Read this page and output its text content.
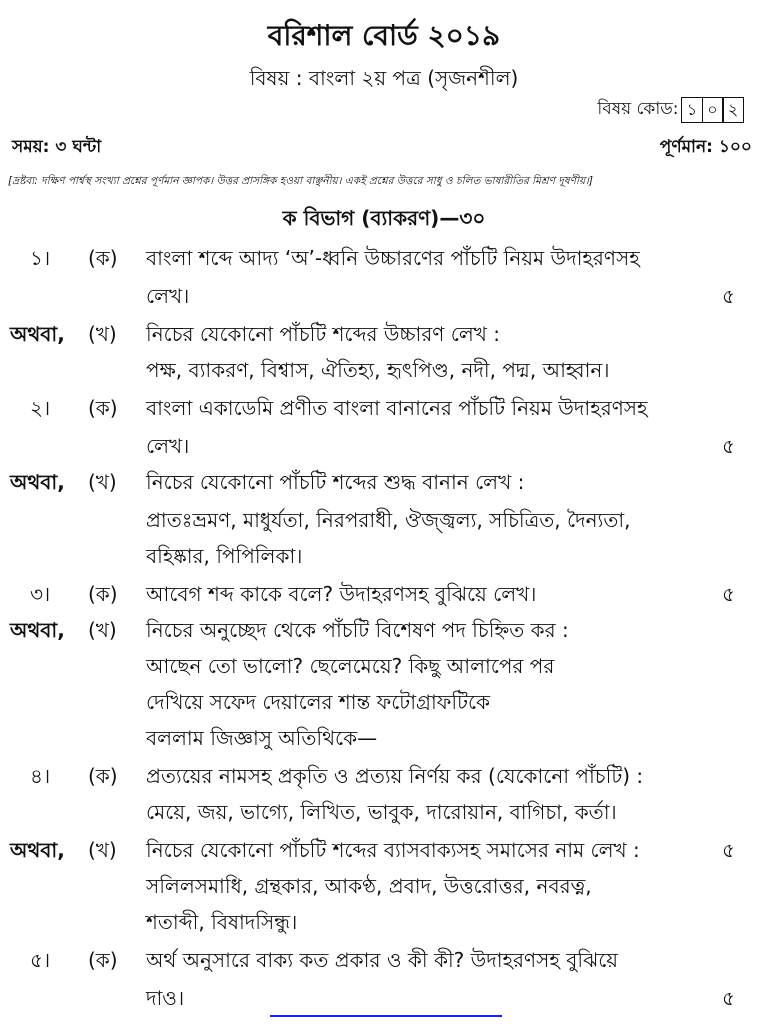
বরিশাল বোর্ড ২০১৯
বিষয় : বাংলা ২য় পত্র (সৃজনশীল)
বিষয় কোড: ১ ০ ২
সময়: ৩ ঘন্টা	পূর্ণমান: ১০০
[দ্রষ্টব্য: দক্ষিণ পার্শ্বস্থ সংখ্যা প্রশ্নের পূর্ণমান জ্ঞাপক। উত্তর প্রাসঙ্গিক হওয়া বাঞ্ছনীয়। একই প্রশ্নের উত্তরে সাধু ও চলিত ভাষারীতির মিশ্রণ দূষণীয়।]
ক বিভাগ (ব্যাকরণ)—৩০
১। (ক) বাংলা শব্দে আদ্য ‘অ’-ধ্বনি উচ্চারণের পাঁচটি নিয়ম উদাহরণসহ
লেখ।	৫
অথবা, (খ) নিচের যেকোনো পাঁচটি শব্দের উচ্চারণ লেখ :
পক্ষ, ব্যাকরণ, বিশ্বাস, ঐতিহ্য, হৃৎপিণ্ড, নদী, পদ্ম, আহ্বান।
২। (ক) বাংলা একাডেমি প্রণীত বাংলা বানানের পাঁচটি নিয়ম উদাহরণসহ
লেখ।	৫
অথবা, (খ) নিচের যেকোনো পাঁচটি শব্দের শুদ্ধ বানান লেখ :
প্রাতঃভ্রমণ, মাধুর্যতা, নিরপরাধী, ঔজ্জ্বল্য, সচিত্রিত, দৈন্যতা,
বহিষ্কার, পিপিলিকা।
৩। (ক) আবেগ শব্দ কাকে বলে? উদাহরণসহ বুঝিয়ে লেখ।	৫
অথবা, (খ) নিচের অনুচ্ছেদ থেকে পাঁচটি বিশেষণ পদ চিহ্নিত কর :
আছেন তো ভালো? ছেলেমেয়ে? কিছু আলাপের পর
দেখিয়ে সফেদ দেয়ালের শান্ত ফটোগ্রাফটিকে
বললাম জিজ্ঞাসু অতিথিকে—
৪। (ক) প্রত্যয়ের নামসহ প্রকৃতি ও প্রত্যয় নির্ণয় কর (যেকোনো পাঁচটি) :
মেয়ে, জয়, ভাগ্যে, লিখিত, ভাবুক, দারোয়ান, বাগিচা, কর্তা।
অথবা, (খ) নিচের যেকোনো পাঁচটি শব্দের ব্যাসবাক্যসহ সমাসের নাম লেখ :	৫
সলিলসমাধি, গ্রন্থকার, আকণ্ঠ, প্রবাদ, উত্তরোত্তর, নবরত্ন,
শতাব্দী, বিষাদসিন্ধু।
৫। (ক) অর্থ অনুসারে বাক্য কত প্রকার ও কী কী? উদাহরণসহ বুঝিয়ে
দাও।	৫
